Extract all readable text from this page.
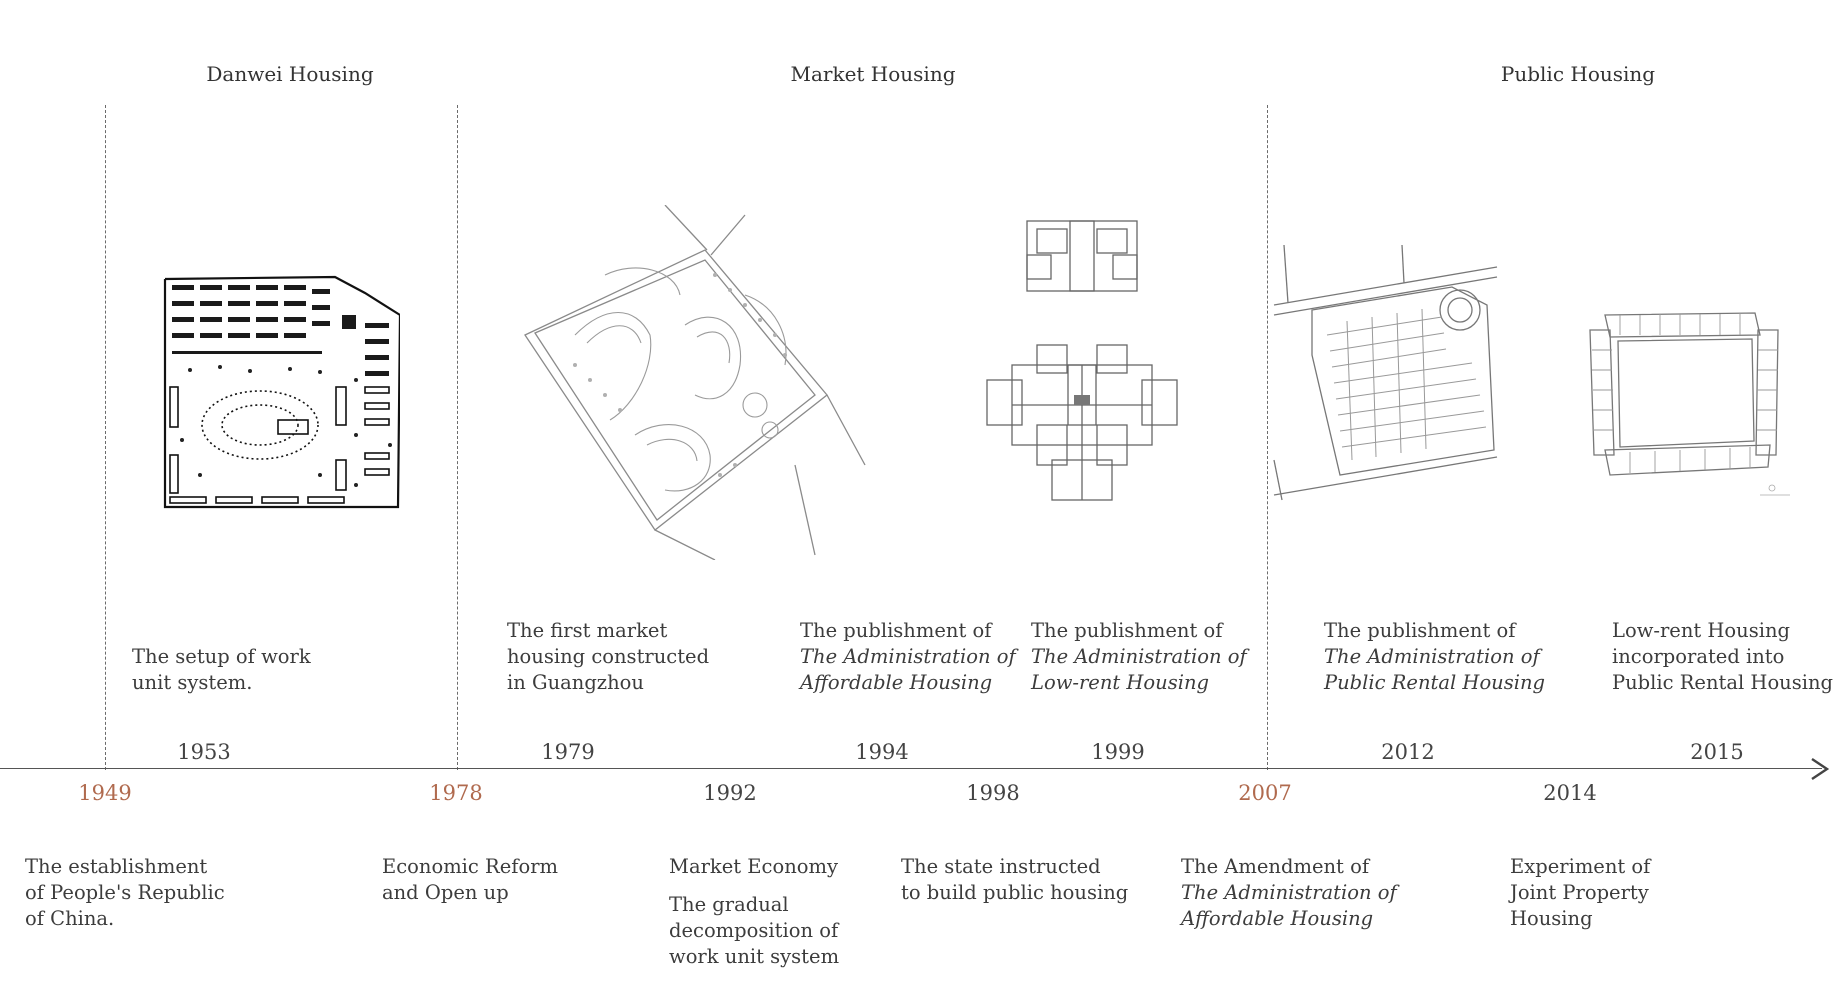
Danwei Housing	Market Housing	Public Housing
The setup of work
unit system.
The first market
housing constructed
in Guangzhou
The publishment of
The Administration of
Affordable Housing
The publishment of
The Administration of
Low-rent Housing
The publishment of
The Administration of
Public Rental Housing
Low-rent Housing
incorporated into
Public Rental Housing
1953	1979	1994	1999	2012	2015
1949	1978	1992	1998	2007	2014
The establishment
of People's Republic
of China.
Economic Reform
and Open up
Market Economy
The gradual
decomposition of
work unit system
The state instructed
to build public housing
The Amendment of
The Administration of
Affordable Housing
Experiment of
Joint Property
Housing
